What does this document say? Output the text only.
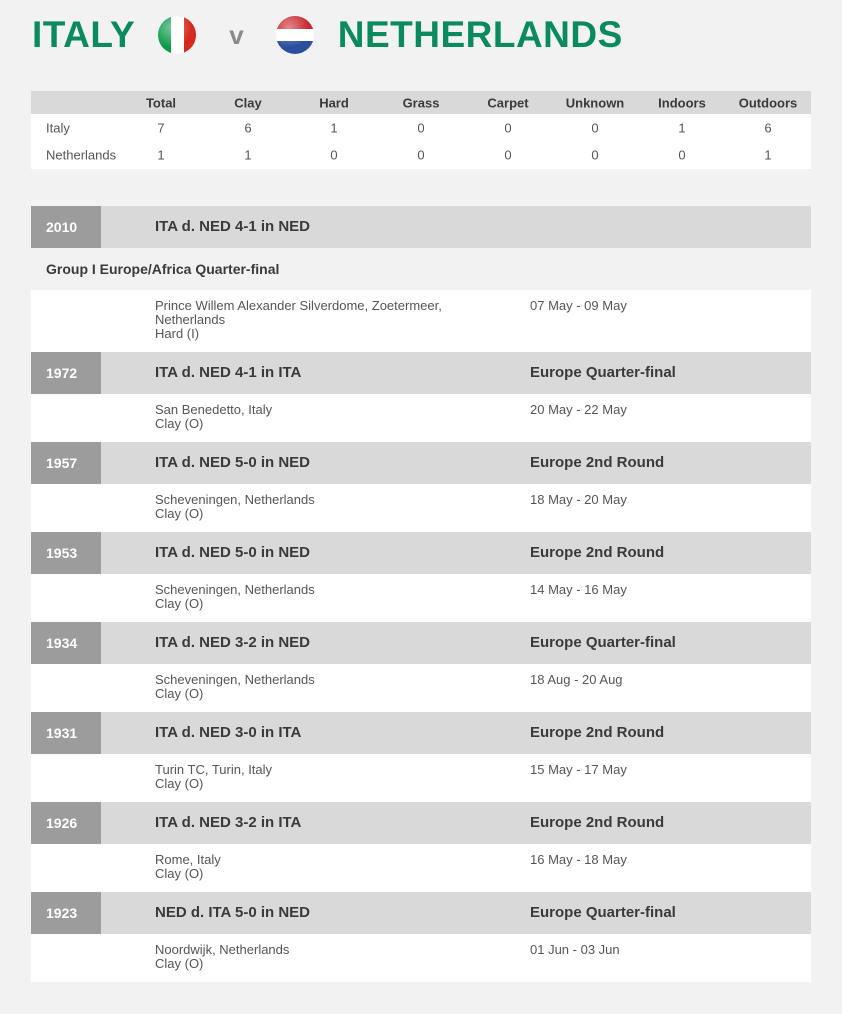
ITALY	v	NETHERLANDS
Total	Clay	Hard	Grass	Carpet	Unknown	Indoors	Outdoors
Italy	7	6	1	0	0	0	1	6
Netherlands	1	1	0	0	0	0	0	1
2010	ITA d. NED 4-1 in NED
Group I Europe/Africa Quarter-final
Prince Willem Alexander Silverdome, Zoetermeer,
Netherlands
Hard (I)
07 May - 09 May
1972	ITA d. NED 4-1 in ITA	Europe Quarter-final
San Benedetto, Italy
Clay (O)
20 May - 22 May
1957	ITA d. NED 5-0 in NED	Europe 2nd Round
Scheveningen, Netherlands
Clay (O)
18 May - 20 May
1953	ITA d. NED 5-0 in NED	Europe 2nd Round
Scheveningen, Netherlands
Clay (O)
14 May - 16 May
1934	ITA d. NED 3-2 in NED	Europe Quarter-final
Scheveningen, Netherlands
Clay (O)
18 Aug - 20 Aug
1931	ITA d. NED 3-0 in ITA	Europe 2nd Round
Turin TC, Turin, Italy
Clay (O)
15 May - 17 May
1926	ITA d. NED 3-2 in ITA	Europe 2nd Round
Rome, Italy
Clay (O)
16 May - 18 May
1923	NED d. ITA 5-0 in NED	Europe Quarter-final
Noordwijk, Netherlands
Clay (O)
01 Jun - 03 Jun
